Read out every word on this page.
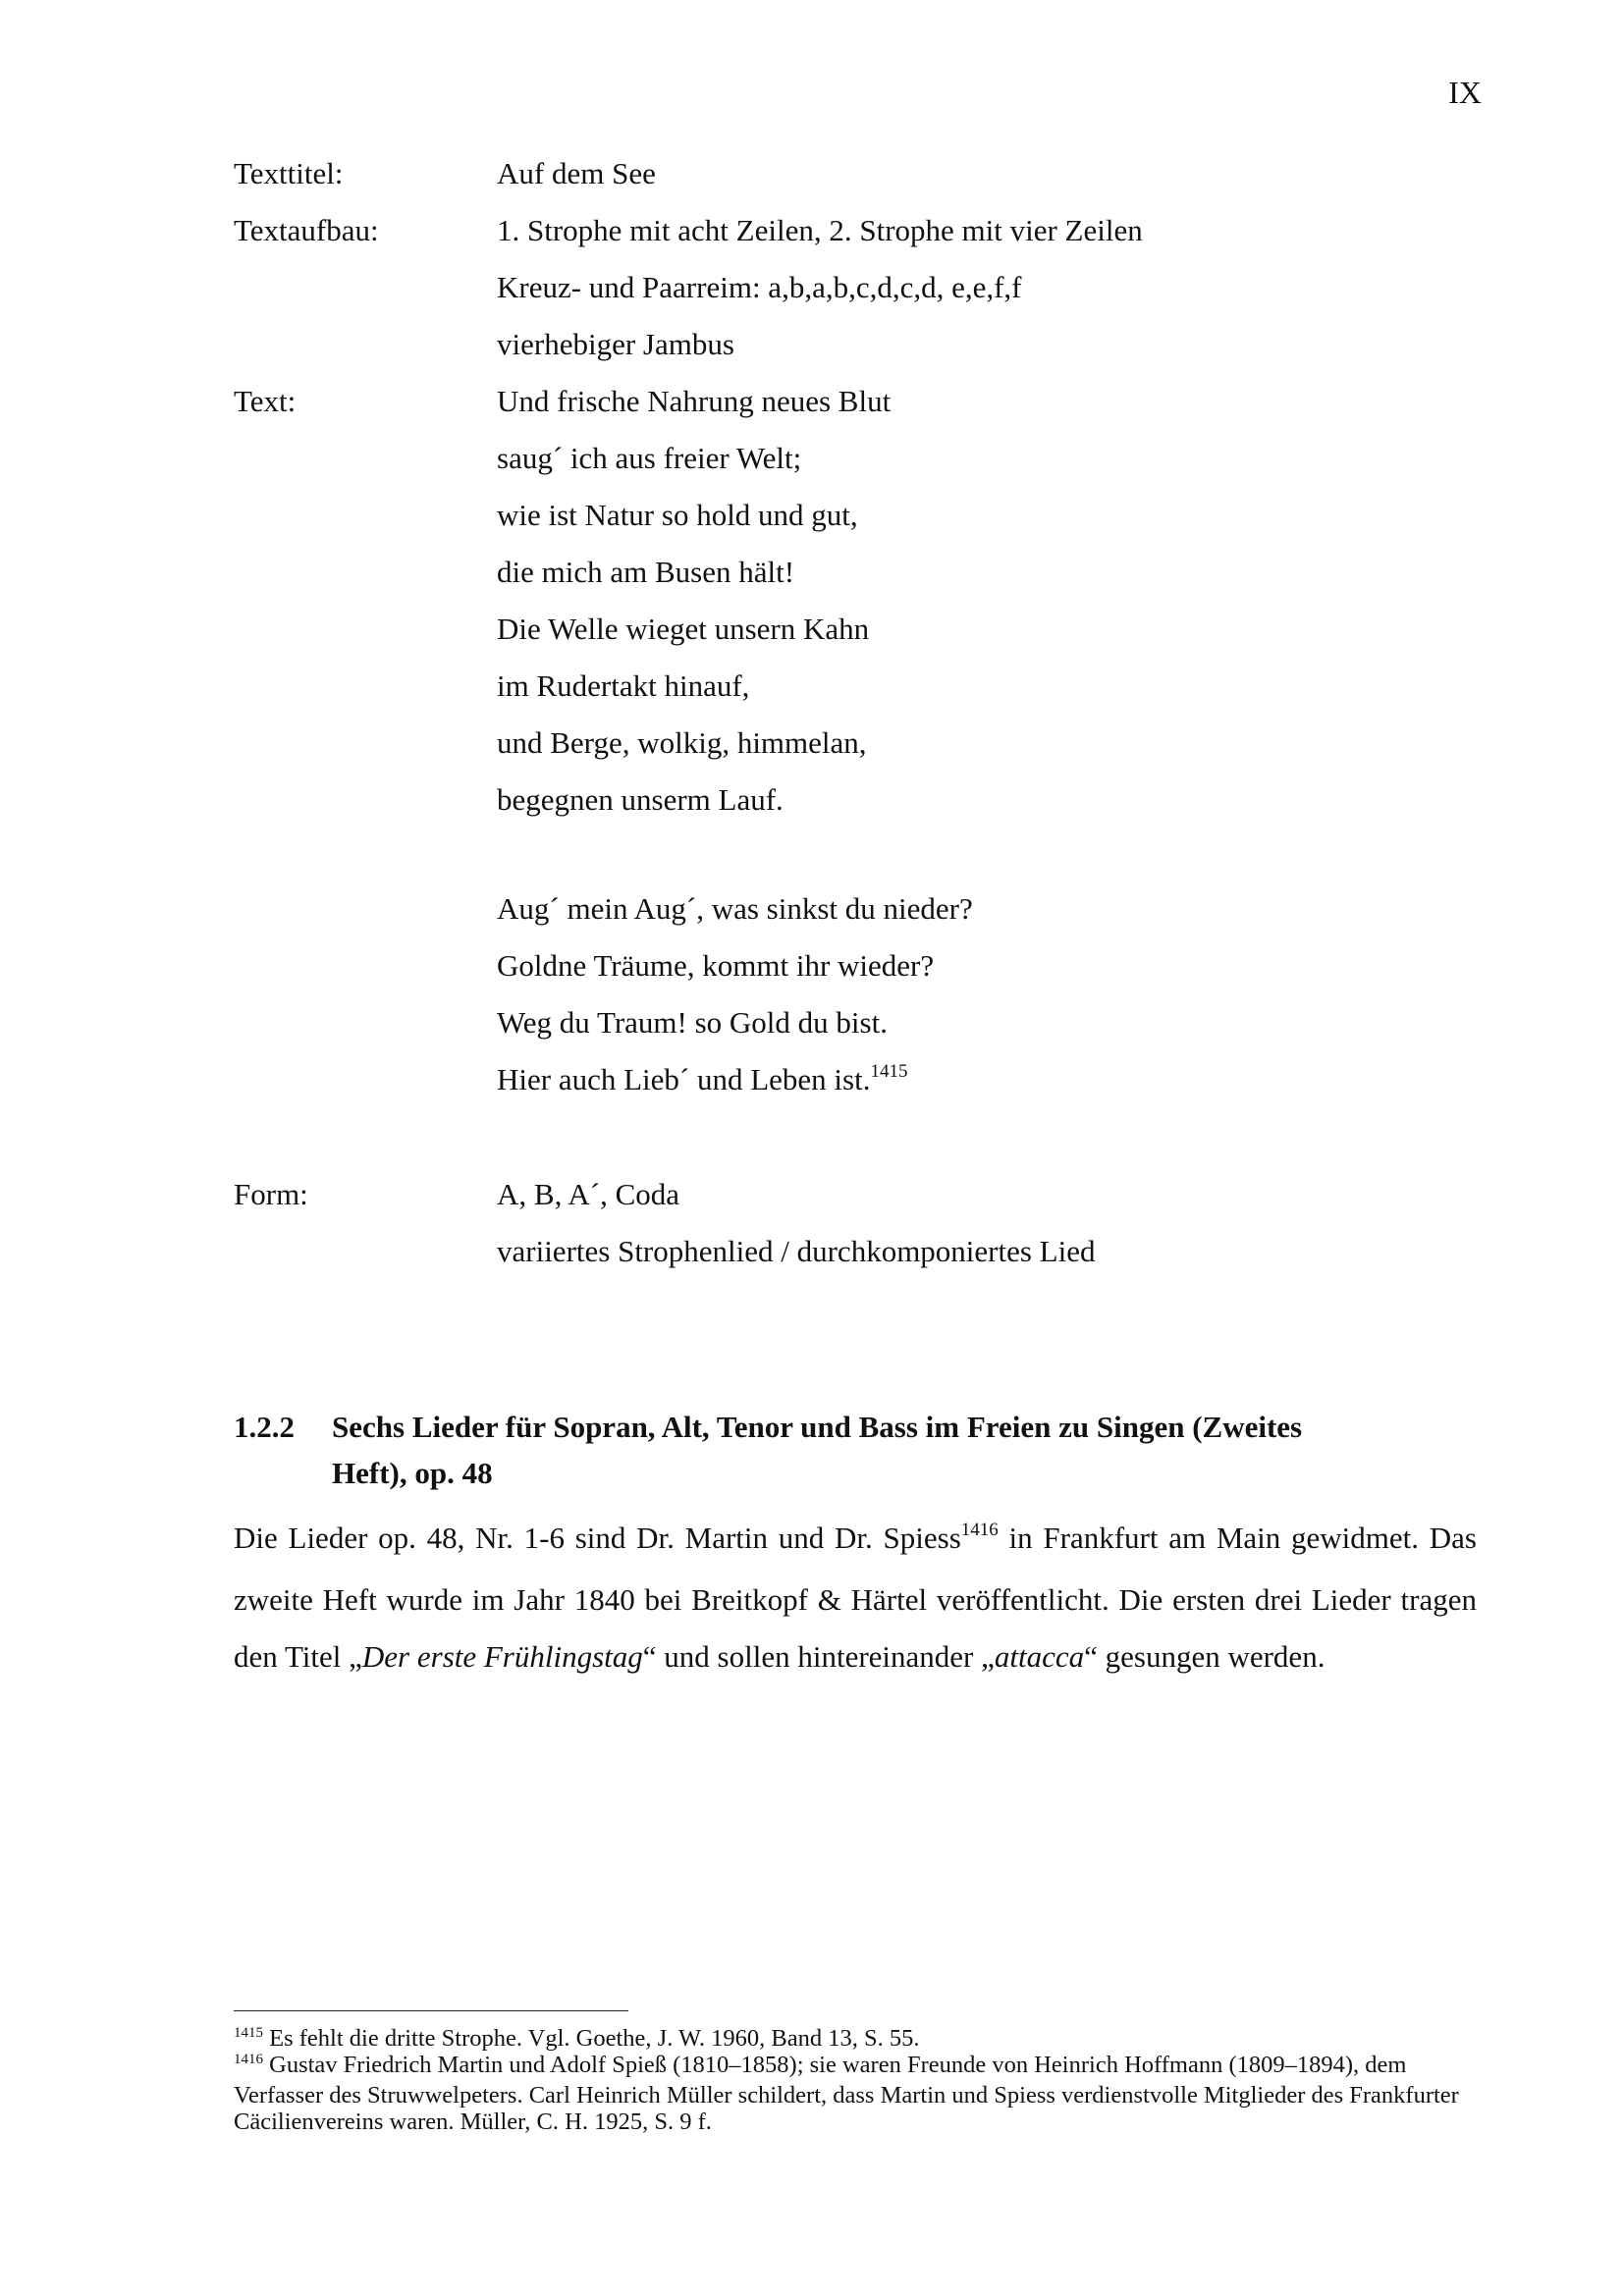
IX
Texttitel:	Auf dem See
Textaufbau:	1. Strophe mit acht Zeilen, 2. Strophe mit vier Zeilen
Kreuz- und Paarreim: a,b,a,b,c,d,c,d, e,e,f,f
vierhebiger Jambus
Text:	Und frische Nahrung neues Blut
saug´ ich aus freier Welt;
wie ist Natur so hold und gut,
die mich am Busen hält!
Die Welle wieget unsern Kahn
im Rudertakt hinauf,
und Berge, wolkig, himmelan,
begegnen unserm Lauf.
Aug´ mein Aug´, was sinkst du nieder?
Goldne Träume, kommt ihr wieder?
Weg du Traum! so Gold du bist.
Hier auch Lieb´ und Leben ist.$^{1415}$
Form:	A, B, A´, Coda
variiertes Strophenlied / durchkomponiertes Lied
1.2.2 Sechs Lieder für Sopran, Alt, Tenor und Bass im Freien zu Singen (Zweites
Heft), op. 48
Die Lieder op. 48, Nr. 1-6 sind Dr. Martin und Dr. Spiess$^{1416}$ in Frankfurt am Main gewidmet. Das zweite Heft wurde im Jahr 1840 bei Breitkopf & Härtel veröffentlicht. Die ersten drei Lieder tragen den Titel „Der erste Frühlingstag“ und sollen hintereinander „attacca“ gesungen werden.
$^{1415}$ Es fehlt die dritte Strophe. Vgl. Goethe, J. W. 1960, Band 13, S. 55.
$^{1416}$ Gustav Friedrich Martin und Adolf Spieß (1810–1858); sie waren Freunde von Heinrich Hoffmann (1809–1894), dem Verfasser des Struwwelpeters. Carl Heinrich Müller schildert, dass Martin und Spiess verdienstvolle Mitglieder des Frankfurter Cäcilienvereins waren. Müller, C. H. 1925, S. 9 f.
